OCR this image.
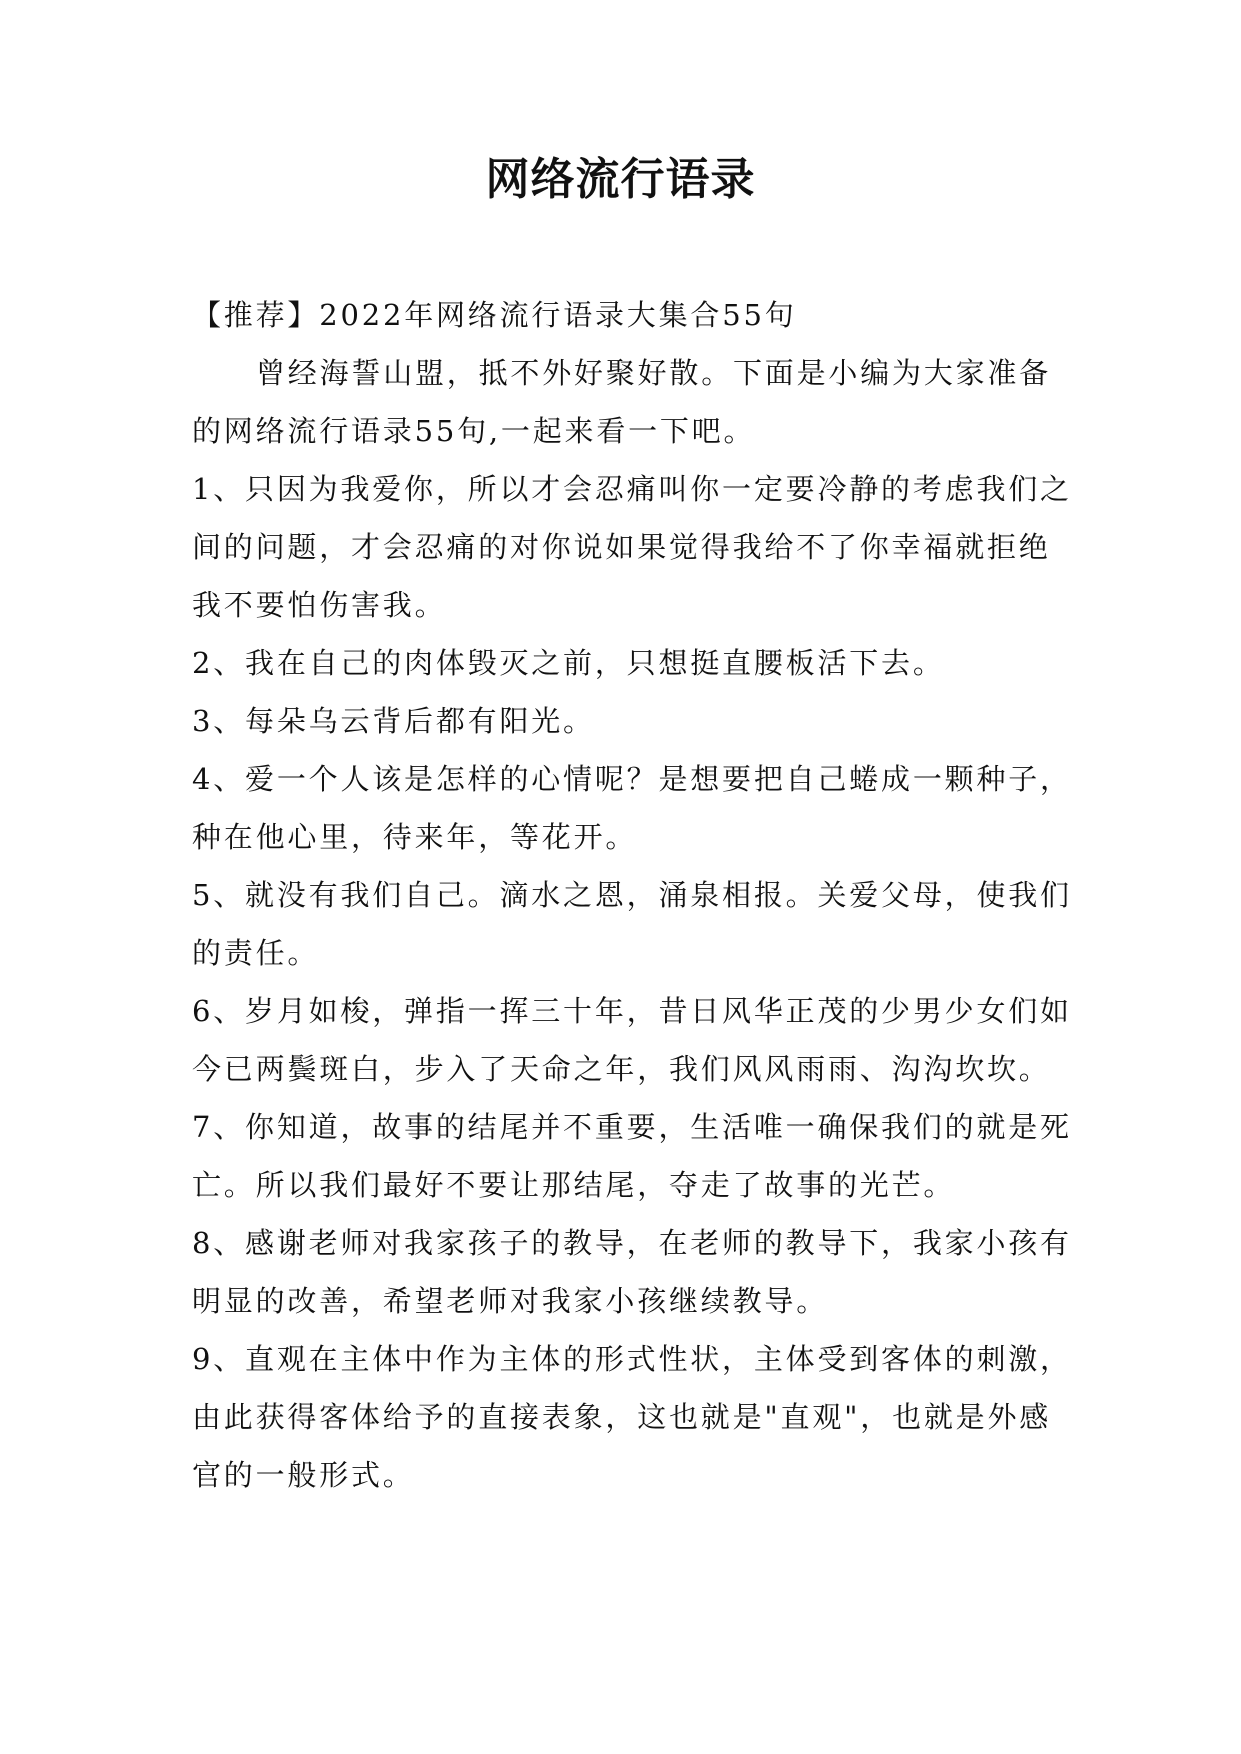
网络流行语录

【推荐】2022年网络流行语录大集合55句

曾经海誓山盟，抵不外好聚好散。下面是小编为大家准备的网络流行语录55句,一起来看一下吧。

1、只因为我爱你，所以才会忍痛叫你一定要冷静的考虑我们之间的问题，才会忍痛的对你说如果觉得我给不了你幸福就拒绝我不要怕伤害我。

2、我在自己的肉体毁灭之前，只想挺直腰板活下去。

3、每朵乌云背后都有阳光。

4、爱一个人该是怎样的心情呢？是想要把自己蜷成一颗种子，种在他心里，待来年，等花开。

5、就没有我们自己。滴水之恩，涌泉相报。关爱父母，使我们的责任。

6、岁月如梭，弹指一挥三十年，昔日风华正茂的少男少女们如今已两鬓斑白，步入了天命之年，我们风风雨雨、沟沟坎坎。

7、你知道，故事的结尾并不重要，生活唯一确保我们的就是死亡。所以我们最好不要让那结尾，夺走了故事的光芒。

8、感谢老师对我家孩子的教导，在老师的教导下，我家小孩有明显的改善，希望老师对我家小孩继续教导。

9、直观在主体中作为主体的形式性状，主体受到客体的刺激，由此获得客体给予的直接表象，这也就是"直观"，也就是外感官的一般形式。
